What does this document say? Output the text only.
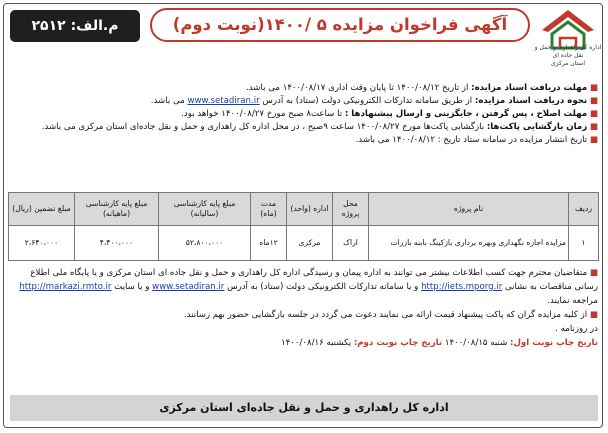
اداره کل راهداری و حمل و نقل جاده ای
استان مرکزی
آگهی فراخوان مزایده ۵ /۱۴۰۰(نوبت دوم)
م.الف: ۲۵۱۲

■ مهلت دریافت اسناد مزایده: از تاریخ ۱۴۰۰/۰۸/۱۲ تا پایان وقت اداری ۱۴۰۰/۰۸/۱۷ می باشد.

■ نحوه دریافت اسناد مزایده: از طریق سامانه تدارکات الکترونیکی دولت (ستاد) به آدرس www.setadiran.ir می باشد.

■ مهلت اصلاح ، پس گرفتن ، جایگزینی و ارسال پیشنهادها : تا ساعت۸ صبح مورخ ۱۴۰۰/۰۸/۲۷ خواهد بود.

■ زمان بازگشایی پاکت‌ها: بازگشایی پاکت‌ها مورخ ۱۴۰۰/۰۸/۲۷ ساعت ۹صبح ، در محل اداره کل راهداری و حمل و نقل جاده‌ای استان مرکزی می باشد.

■ تاریخ انتشار مزایده در سامانه ستاد تاریخ : ۱۴۰۰/۰۸/۱۲ می باشد.

ردیف	نام پروژه	محل پروژه	اداره (واحد)	مدت (ماه)	مبلغ پایه کارشناسی (سالیانه)	مبلغ پایه کارشناسی (ماهیانه)	مبلغ تضمین (ریال)
۱	مزایده اجاره نگهداری وبهره برداری بازکینگ بابنه بازرات	اراک	مرکزی	۱۲ماه	۵۲،۸۰۰،۰۰۰	۴،۴۰۰،۰۰۰	۲،۶۴۰،۰۰۰

■ متقاضیان محترم جهت کسب اطلاعات بیشتر می توانند به اداره پیمان و رسیدگی اداره کل راهداری و حمل و نقل جاده ای استان مرکزی و یا پایگاه ملی اطلاع رسانی مناقصات به نشانی http://iets.mporg.ir و یا سامانه تدارکات الکترونیکی دولت (ستاد) به آدرس www.setadiran.ir و یا سایت http://markazi.rmto.ir مراجعه نمایند.

■ از کلیه مزایده گران که پاکت پیشنهاد قیمت ارائه می نمایند دعوت می گردد در جلسه بازگشایی حضور بهم رسانند.

در روزنامه .

تاریخ چاپ نوبت اول: شنبه ۱۴۰۰/۰۸/۱۵ تاریخ چاپ نوبت دوم: یکشنبه ۱۴۰۰/۰۸/۱۶

اداره کل راهداری و حمل و نقل جاده‌ای استان مرکزی
